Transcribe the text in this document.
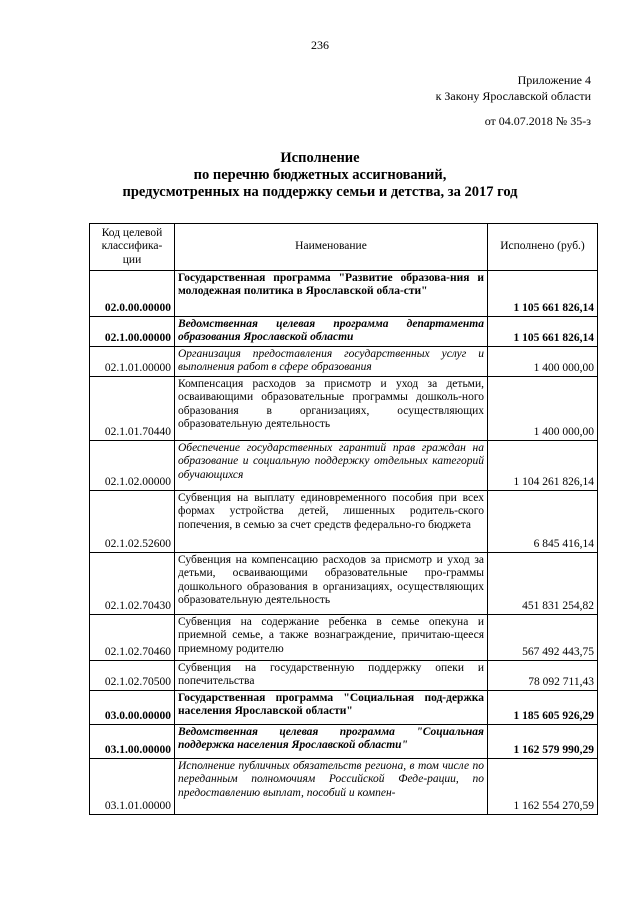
236
Приложение 4
к Закону Ярославской области
от 04.07.2018 № 35-з
Исполнение
по перечню бюджетных ассигнований,
предусмотренных на поддержку семьи и детства, за 2017 год
Код целевой классифика-ции	Наименование	Исполнено (руб.)
02.0.00.00000	Государственная программа "Развитие образова-ния и молодежная политика в Ярославской обла-сти"	1 105 661 826,14
02.1.00.00000	Ведомственная целевая программа департамента образования Ярославской области	1 105 661 826,14
02.1.01.00000	Организация предоставления государственных услуг и выполнения работ в сфере образования	1 400 000,00
02.1.01.70440	Компенсация расходов за присмотр и уход за детьми, осваивающими образовательные программы дошколь-ного образования в организациях, осуществляющих образовательную деятельность	1 400 000,00
02.1.02.00000	Обеспечение государственных гарантий прав граждан на образование и социальную поддержку отдельных категорий обучающихся	1 104 261 826,14
02.1.02.52600	Субвенция на выплату единовременного пособия при всех формах устройства детей, лишенных родитель-ского попечения, в семью за счет средств федерально-го бюджета	6 845 416,14
02.1.02.70430	Субвенция на компенсацию расходов за присмотр и уход за детьми, осваивающими образовательные про-граммы дошкольного образования в организациях, осуществляющих образовательную деятельность	451 831 254,82
02.1.02.70460	Субвенция на содержание ребенка в семье опекуна и приемной семье, а также вознаграждение, причитаю-щееся приемному родителю	567 492 443,75
02.1.02.70500	Субвенция на государственную поддержку опеки и попечительства	78 092 711,43
03.0.00.00000	Государственная программа "Социальная под-держка населения Ярославской области"	1 185 605 926,29
03.1.00.00000	Ведомственная целевая программа "Социальная поддержка населения Ярославской области"	1 162 579 990,29
03.1.01.00000	Исполнение публичных обязательств региона, в том числе по переданным полномочиям Российской Феде-рации, по предоставлению выплат, пособий и компен-	1 162 554 270,59
